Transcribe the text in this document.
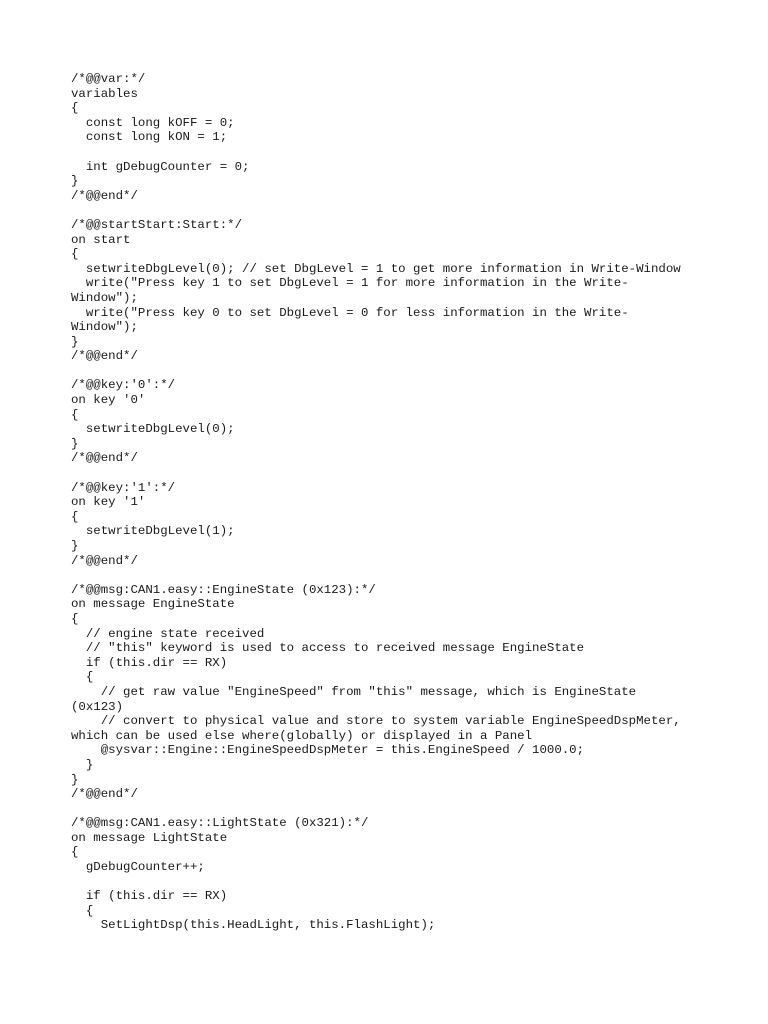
/*@@var:*/
variables
{
const long kOFF = 0;
const long kON = 1;
int gDebugCounter = 0;
}
/*@@end*/
/*@@startStart:Start:*/
on start
{
setwriteDbgLevel(0); // set DbgLevel = 1 to get more information in Write-Window
write("Press key 1 to set DbgLevel = 1 for more information in the Write-
Window");
write("Press key 0 to set DbgLevel = 0 for less information in the Write-
Window");
}
/*@@end*/
/*@@key:'0':*/
on key '0'
{
setwriteDbgLevel(0);
}
/*@@end*/
/*@@key:'1':*/
on key '1'
{
setwriteDbgLevel(1);
}
/*@@end*/
/*@@msg:CAN1.easy::EngineState (0x123):*/
on message EngineState
{
// engine state received
// "this" keyword is used to access to received message EngineState
if (this.dir == RX)
{
// get raw value "EngineSpeed" from "this" message, which is EngineState
(0x123)
// convert to physical value and store to system variable EngineSpeedDspMeter,
which can be used else where(globally) or displayed in a Panel
@sysvar::Engine::EngineSpeedDspMeter = this.EngineSpeed / 1000.0;
}
}
/*@@end*/
/*@@msg:CAN1.easy::LightState (0x321):*/
on message LightState
{
gDebugCounter++;
if (this.dir == RX)
{
SetLightDsp(this.HeadLight, this.FlashLight);
